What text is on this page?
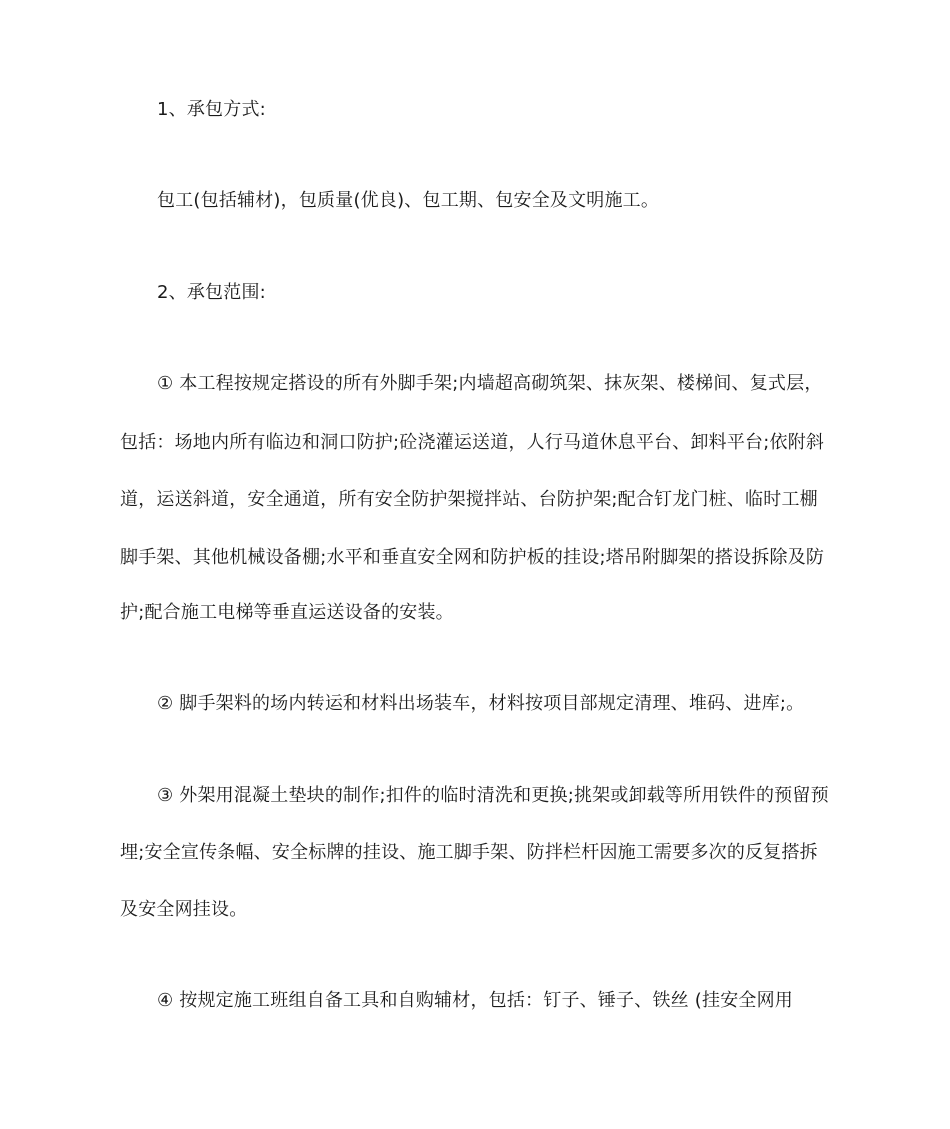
1、承包方式:
包工(包括辅材)，包质量(优良)、包工期、包安全及文明施工。
2、承包范围:
① 本工程按规定搭设的所有外脚手架;内墙超高砌筑架、抹灰架、楼梯间、复式层，
包括：场地内所有临边和洞口防护;砼浇灌运送道，人行马道休息平台、卸料平台;依附斜
道，运送斜道，安全通道，所有安全防护架搅拌站、台防护架;配合钉龙门桩、临时工棚
脚手架、其他机械设备棚;水平和垂直安全网和防护板的挂设;塔吊附脚架的搭设拆除及防
护;配合施工电梯等垂直运送设备的安装。
② 脚手架料的场内转运和材料出场装车，材料按项目部规定清理、堆码、进库;。
③ 外架用混凝土垫块的制作;扣件的临时清洗和更换;挑架或卸载等所用铁件的预留预
埋;安全宣传条幅、安全标牌的挂设、施工脚手架、防拌栏杆因施工需要多次的反复搭拆
及安全网挂设。
④ 按规定施工班组自备工具和自购辅材，包括：钉子、锤子、铁丝 (挂安全网用
